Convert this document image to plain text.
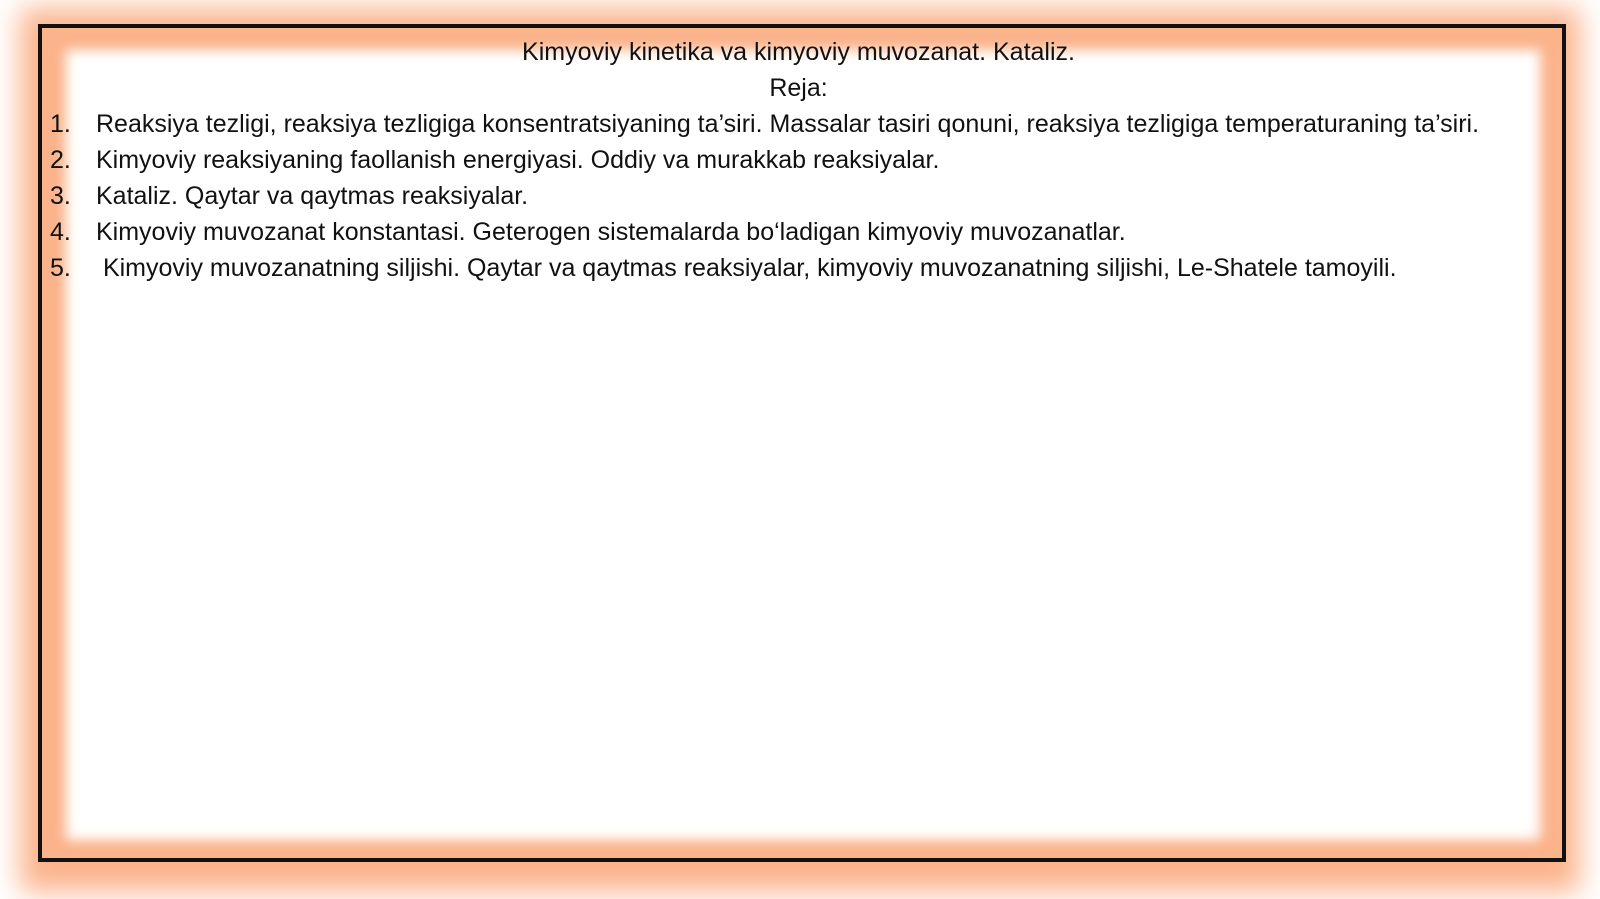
Kimyoviy kinetika va kimyoviy muvozanat. Kataliz.
Reja:
1.	Reaksiya tezligi, reaksiya tezligiga konsentratsiyaning ta’siri. Massalar tasiri qonuni, reaksiya tezligiga temperaturaning ta’siri.
2.	Kimyoviy reaksiyaning faollanish energiyasi. Oddiy va murakkab reaksiyalar.
3.	Kataliz. Qaytar va qaytmas reaksiyalar.
4.	Kimyoviy muvozanat konstantasi. Geterogen sistemalarda bo‘ladigan kimyoviy muvozanatlar.
5.	Kimyoviy muvozanatning siljishi. Qaytar va qaytmas reaksiyalar, kimyoviy muvozanatning siljishi, Le-Shatele tamoyili.
